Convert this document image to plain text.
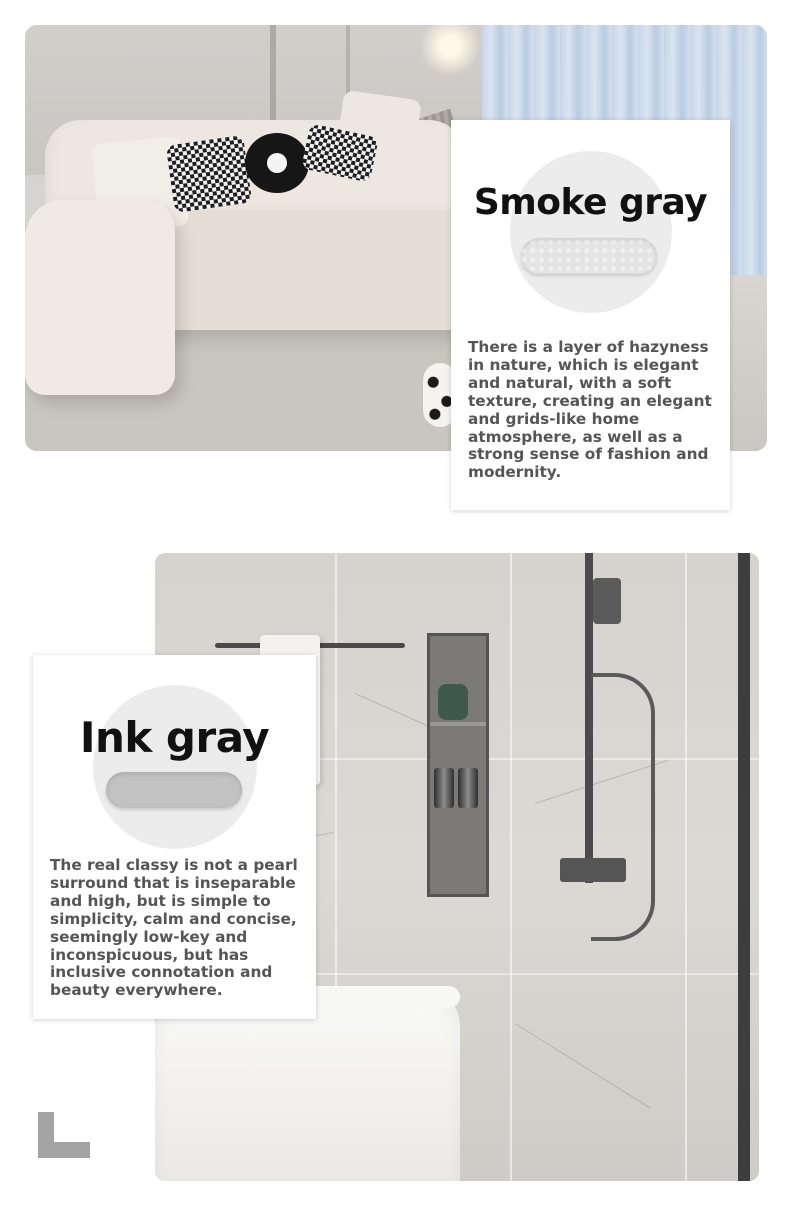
Smoke gray

There is a layer of hazyness in nature, which is elegant and natural, with a soft texture, creating an elegant and grids-like home atmosphere, as well as a strong sense of fashion and modernity.

Ink gray

The real classy is not a pearl surround that is inseparable and high, but is simple to simplicity, calm and concise, seemingly low-key and inconspicuous, but has inclusive connotation and beauty everywhere.
